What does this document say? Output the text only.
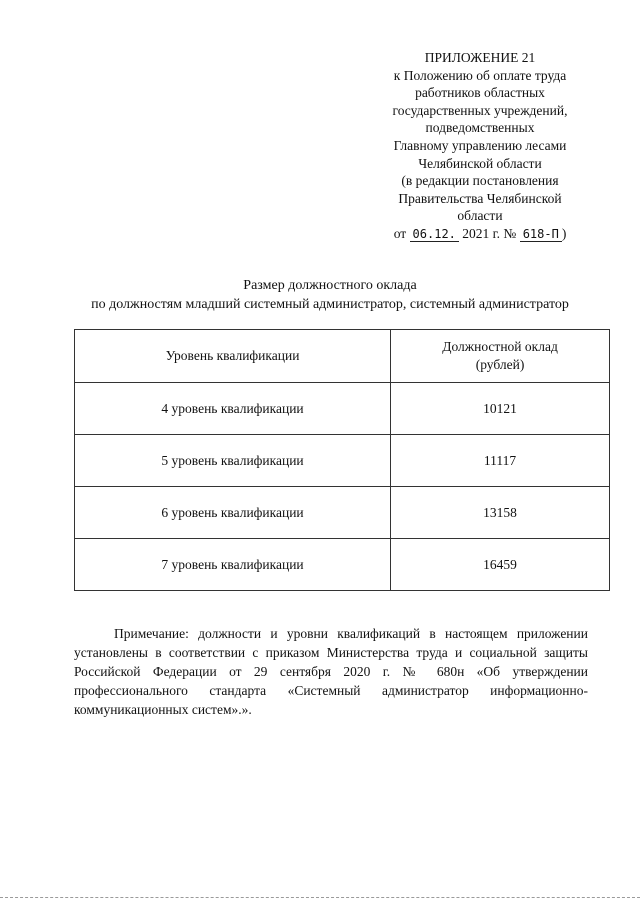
ПРИЛОЖЕНИЕ 21
к Положению об оплате труда
работников областных
государственных учреждений,
подведомственных
Главному управлению лесами
Челябинской области
(в редакции постановления
Правительства Челябинской
области
от 06.12. 2021 г. № 618-П )
Размер должностного оклада
по должностям младший системный администратор, системный администратор
Уровень квалификации	Должностной оклад
(рублей)
4 уровень квалификации	10121
5 уровень квалификации	11117
6 уровень квалификации	13158
7 уровень квалификации	16459

Примечание: должности и уровни квалификаций в настоящем приложении установлены в соответствии с приказом Министерства труда и социальной защиты Российской Федерации от 29 сентября 2020 г. № 680н «Об утверждении профессионального стандарта «Системный администратор информационно-коммуникационных систем».».
